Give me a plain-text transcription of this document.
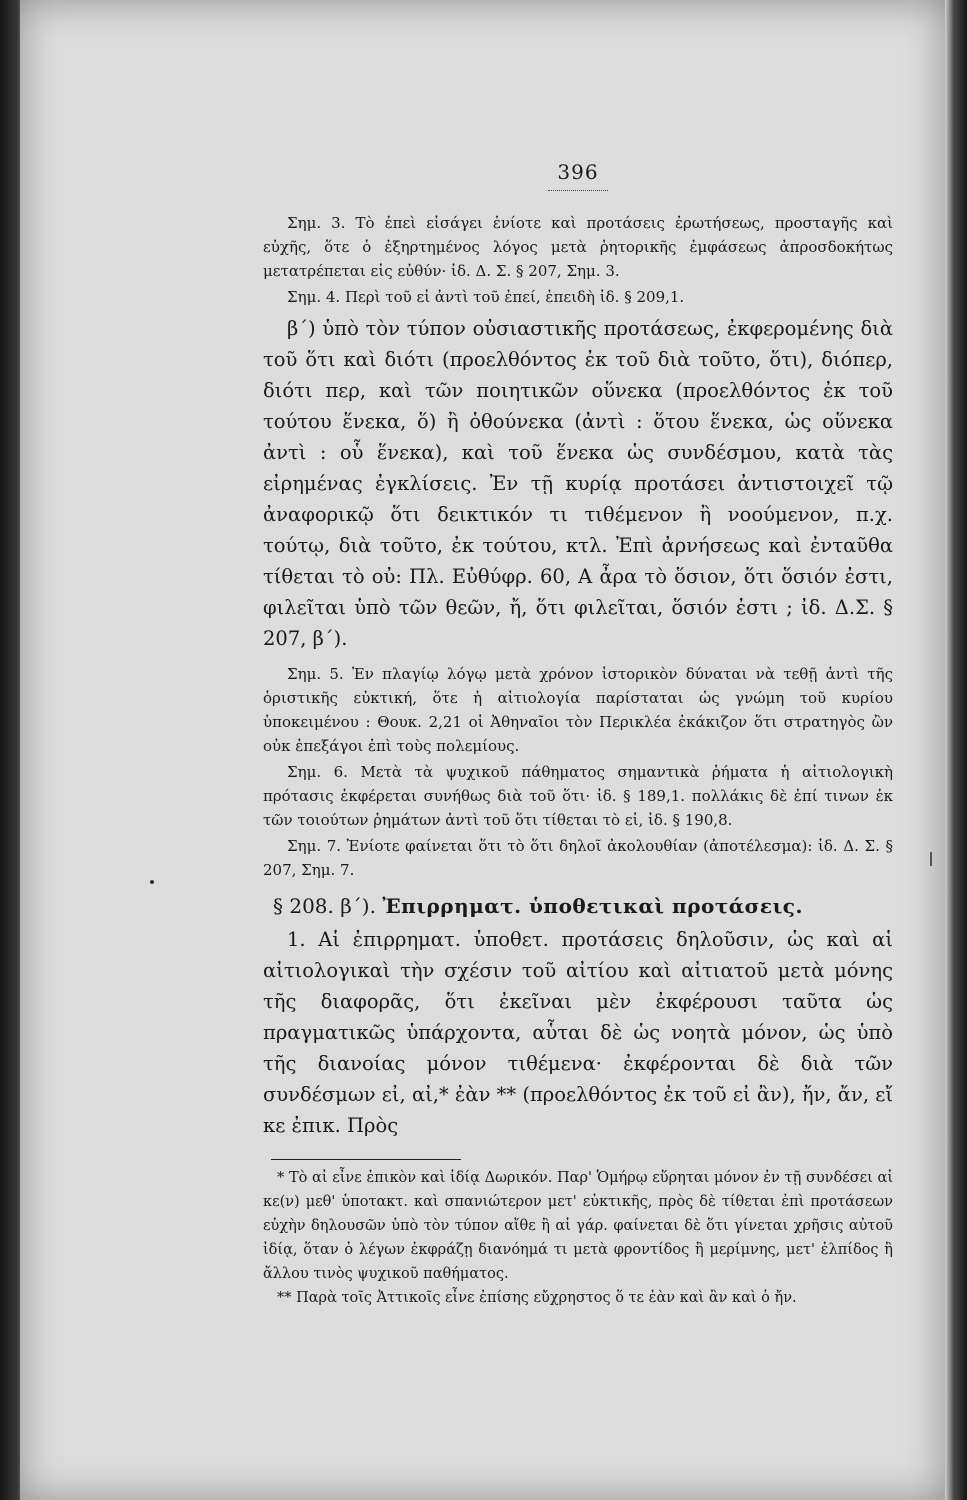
396

Σημ. 3. Τὸ ἐπεὶ εἰσάγει ἐνίοτε καὶ προτάσεις ἐρωτήσεως, προσταγῆς καὶ εὐχῆς, ὅτε ὁ ἐξηρτημένος λόγος μετὰ ῥητορικῆς ἐμφάσεως ἀπροσδοκήτως μετατρέπεται εἰς εὐθύν· ἰδ. Δ. Σ. § 207, Σημ. 3.

Σημ. 4. Περὶ τοῦ εἰ ἀντὶ τοῦ ἐπεί, ἐπειδὴ ἰδ. § 209,1.

β΄) ὑπὸ τὸν τύπον οὐσιαστικῆς προτάσεως, ἐκφερομένης διὰ τοῦ ὅτι καὶ διότι (προελθόντος ἐκ τοῦ διὰ τοῦτο, ὅτι), διόπερ, διότι περ, καὶ τῶν ποιητικῶν οὕνεκα (προελθόντος ἐκ τοῦ τούτου ἕνεκα, ὅ) ἢ ὁθούνεκα (ἀντὶ : ὅτου ἕνεκα, ὡς οὕνεκα ἀντὶ : οὗ ἕνεκα), καὶ τοῦ ἕνεκα ὡς συνδέσμου, κατὰ τὰς εἰρημένας ἐγκλίσεις. Ἐν τῇ κυρίᾳ προτάσει ἀντιστοιχεῖ τῷ ἀναφορικῷ ὅτι δεικτικόν τι τιθέμενον ἢ νοούμενον, π.χ. τούτῳ, διὰ τοῦτο, ἐκ τούτου, κτλ. Ἐπὶ ἀρνήσεως καὶ ἐνταῦθα τίθεται τὸ οὐ: Πλ. Εὐθύφρ. 60, Α ἆρα τὸ ὅσιον, ὅτι ὅσιόν ἐστι, φιλεῖται ὑπὸ τῶν θεῶν, ἤ, ὅτι φιλεῖται, ὅσιόν ἐστι ; ἰδ. Δ.Σ. § 207, β΄).

Σημ. 5. Ἐν πλαγίῳ λόγῳ μετὰ χρόνον ἱστορικὸν δύναται νὰ τεθῇ ἀντὶ τῆς ὁριστικῆς εὐκτική, ὅτε ἡ αἰτιολογία παρίσταται ὡς γνώμη τοῦ κυρίου ὑποκειμένου : Θουκ. 2,21 οἱ Ἀθηναῖοι τὸν Περικλέα ἐκάκιζον ὅτι στρατηγὸς ὢν οὐκ ἐπεξάγοι ἐπὶ τοὺς πολεμίους.

Σημ. 6. Μετὰ τὰ ψυχικοῦ πάθηματος σημαντικὰ ῥήματα ἡ αἰτιολογικὴ πρότασις ἐκφέρεται συνήθως διὰ τοῦ ὅτι· ἰδ. § 189,1. πολλάκις δὲ ἐπί τινων ἐκ τῶν τοιούτων ῥημάτων ἀντὶ τοῦ ὅτι τίθεται τὸ εἰ, ἰδ. § 190,8.

Σημ. 7. Ἐνίοτε φαίνεται ὅτι τὸ ὅτι δηλοῖ ἀκολουθίαν (ἀποτέλεσμα): ἰδ. Δ. Σ. § 207, Σημ. 7.

§ 208. β΄). Ἐπιρρηματ. ὑποθετικαὶ προτάσεις.

1. Αἱ ἐπιρρηματ. ὑποθετ. προτάσεις δηλοῦσιν, ὡς καὶ αἱ αἰτιολογικαὶ τὴν σχέσιν τοῦ αἰτίου καὶ αἰτιατοῦ μετὰ μόνης τῆς διαφορᾶς, ὅτι ἐκεῖναι μὲν ἐκφέρουσι ταῦτα ὡς πραγματικῶς ὑπάρχοντα, αὗται δὲ ὡς νοητὰ μόνον, ὡς ὑπὸ τῆς διανοίας μόνον τιθέμενα· ἐκφέρονται δὲ διὰ τῶν συνδέσμων εἰ, αἰ,* ἐὰν ** (προελθόντος ἐκ τοῦ εἰ ἂν), ἤν, ἄν, εἴ κε ἐπικ. Πρὸς

* Τὸ αἰ εἶνε ἐπικὸν καὶ ἰδίᾳ Δωρικόν. Παρ' Ὁμήρῳ εὕρηται μόνον ἐν τῇ συνδέσει αἰ κε(ν) μεθ' ὑποτακτ. καὶ σπανιώτερον μετ' εὐκτικῆς, πρὸς δὲ τίθεται ἐπὶ προτάσεων εὐχὴν δηλουσῶν ὑπὸ τὸν τύπον αἴθε ἢ αἰ γάρ. φαίνεται δὲ ὅτι γίνεται χρῆσις αὐτοῦ ἰδίᾳ, ὅταν ὁ λέγων ἐκφράζῃ διανόημά τι μετὰ φροντίδος ἢ μερίμνης, μετ' ἐλπίδος ἢ ἄλλου τινὸς ψυχικοῦ παθήματος.

** Παρὰ τοῖς Ἀττικοῖς εἶνε ἐπίσης εὔχρηστος ὅ τε ἐὰν καὶ ἂν καὶ ὁ ἤν.
